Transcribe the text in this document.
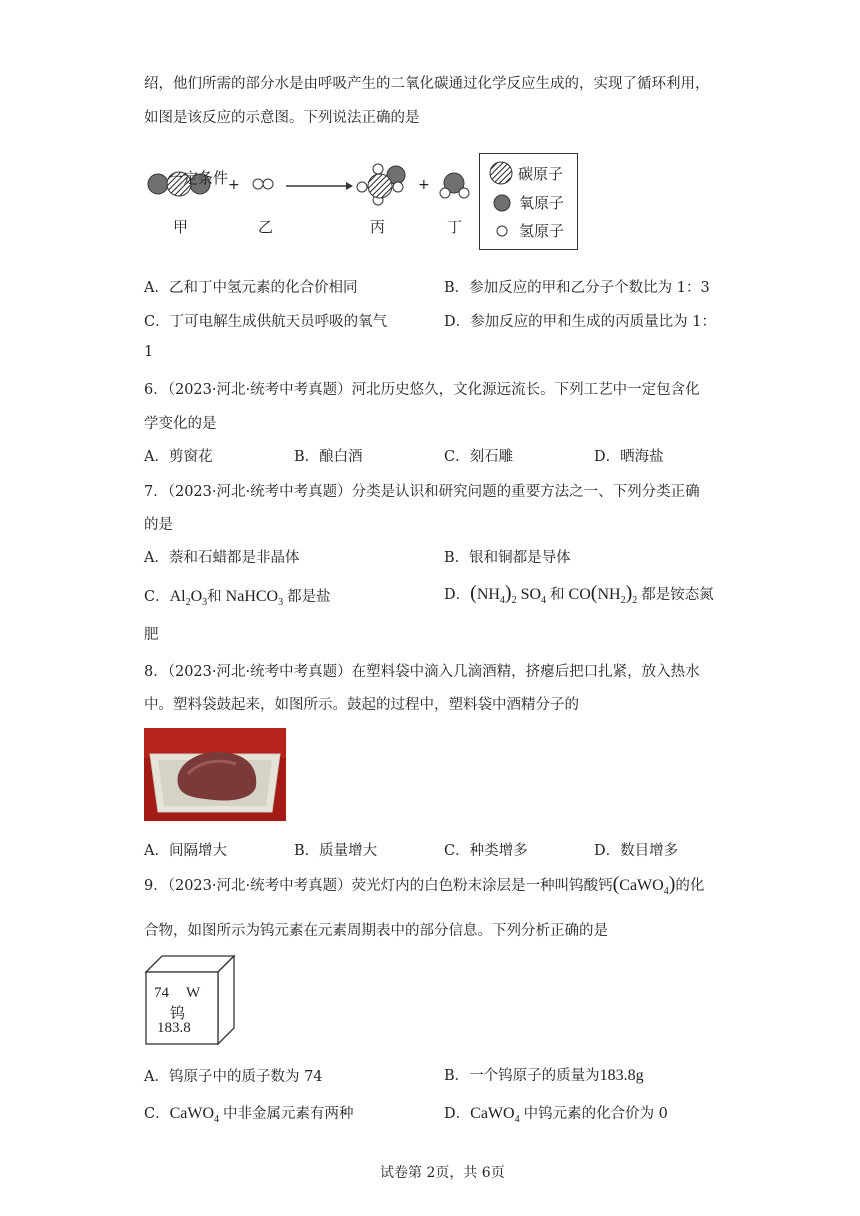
绍，他们所需的部分水是由呼吸产生的二氧化碳通过化学反应生成的，实现了循环利用，
如图是该反应的示意图。下列说法正确的是
+	+
一定条件
甲	乙	丙	丁
碳原子
氧原子
氢原子
A．乙和丁中氢元素的化合价相同	B．参加反应的甲和乙分子个数比为 1：3
C．丁可电解生成供航天员呼吸的氧气	D．参加反应的甲和生成的丙质量比为 1：
1
6．（2023·河北·统考中考真题）河北历史悠久，文化源远流长。下列工艺中一定包含化
学变化的是
A．剪窗花	B．酿白酒	C．刻石雕	D．晒海盐
7．（2023·河北·统考中考真题）分类是认识和研究问题的重要方法之一、下列分类正确
的是
A．萘和石蜡都是非晶体	B．银和铜都是导体
C．$Al_2O_3$和 NaHCO$_3$ 都是盐	D．$(NH_4)_2$ $SO_4$ 和 $CO(NH_2)_2$ 都是铵态氮
肥
8．（2023·河北·统考中考真题）在塑料袋中滴入几滴酒精，挤瘪后把口扎紧，放入热水
中。塑料袋鼓起来，如图所示。鼓起的过程中，塑料袋中酒精分子的
A．间隔增大	B．质量增大	C．种类增多	D．数目增多
9．（2023·河北·统考中考真题）荧光灯内的白色粉末涂层是一种叫钨酸钙(CaWO$_4$)的化
合物，如图所示为钨元素在元素周期表中的部分信息。下列分析正确的是
74 W
钨
183.8
A．钨原子中的质子数为 74	B．一个钨原子的质量为183.8g
C．CaWO$_4$ 中非金属元素有两种	D．CaWO$_4$ 中钨元素的化合价为 0
试卷第 2页，共 6页
